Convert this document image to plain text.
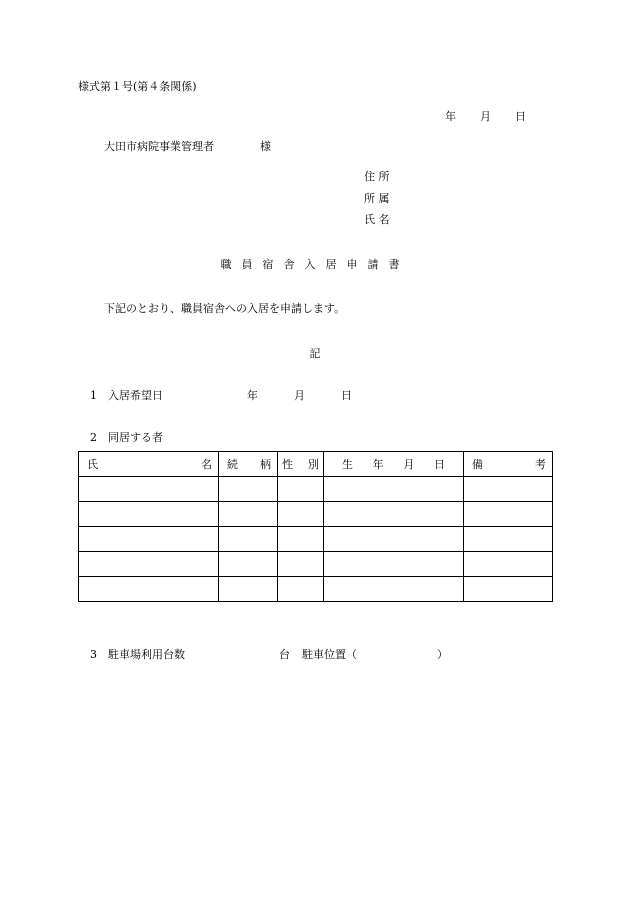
様式第１号(第４条関係)
年 月 日
大田市病院事業管理者	様
住 所
所 属
氏 名
職員宿舎入居申請書
下記のとおり、職員宿舎への入居を申請します。
記
1 入居希望日	年	月	日
2 同居する者
氏 名	続 柄	性 別	生 年 月 日	備 考

3 駐車場利用台数	台 駐車位置（	）
